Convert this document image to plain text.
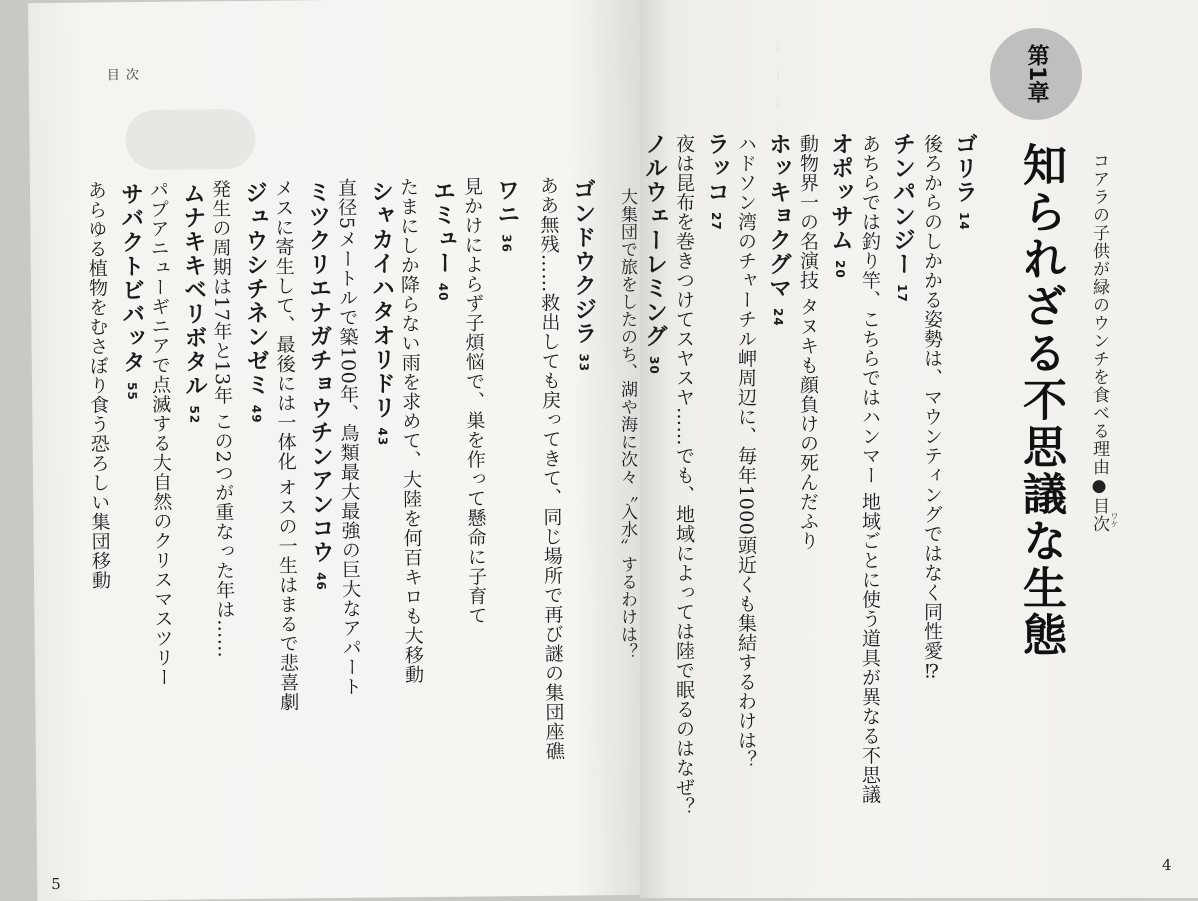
目次
ゴンドウクジラ33
ああ無残……救出しても戻ってきて、同じ場所で再び謎の集団座礁
ワニ36
見かけによらず子煩悩で、巣を作って懸命に子育て
エミュー40
たまにしか降らない雨を求めて、大陸を何百キロも大移動
シャカイハタオリドリ43
直径5メートルで築100年、鳥類最大最強の巨大なアパート
ミツクリエナガチョウチンアンコウ46
メスに寄生して、最後には一体化 オスの一生はまるで悲喜劇
ジュウシチネンゼミ49
発生の周期は17年と13年 この2つが重なった年は……
ムナキキベリボタル52
パプアニューギニアで点滅する大自然のクリスマスツリー
サバクトビバッタ55
あらゆる植物をむさぼり食う恐ろしい集団移動
5
ー　ー　ー　ー
コアラの子供が緑のウンチを食べる理由●目次 ワケ
第1章
知られざる不思議な生態
ゴリラ14
後ろからのしかかる姿勢は、マウンティングではなく同性愛⁉
チンパンジー17
あちらでは釣り竿、こちらではハンマー 地域ごとに使う道具が異なる不思議
オポッサム20
動物界一の名演技 タヌキも顔負けの死んだふり
ホッキョクグマ24
ハドソン湾のチャーチル岬周辺に、毎年1000頭近くも集結するわけは？
ラッコ27
夜は昆布を巻きつけてスヤスヤ……でも、地域によっては陸で眠るのはなぜ？
ノルウェーレミング30
4
大集団で旅をしたのち、湖や海に次々〝入水〟するわけは？
